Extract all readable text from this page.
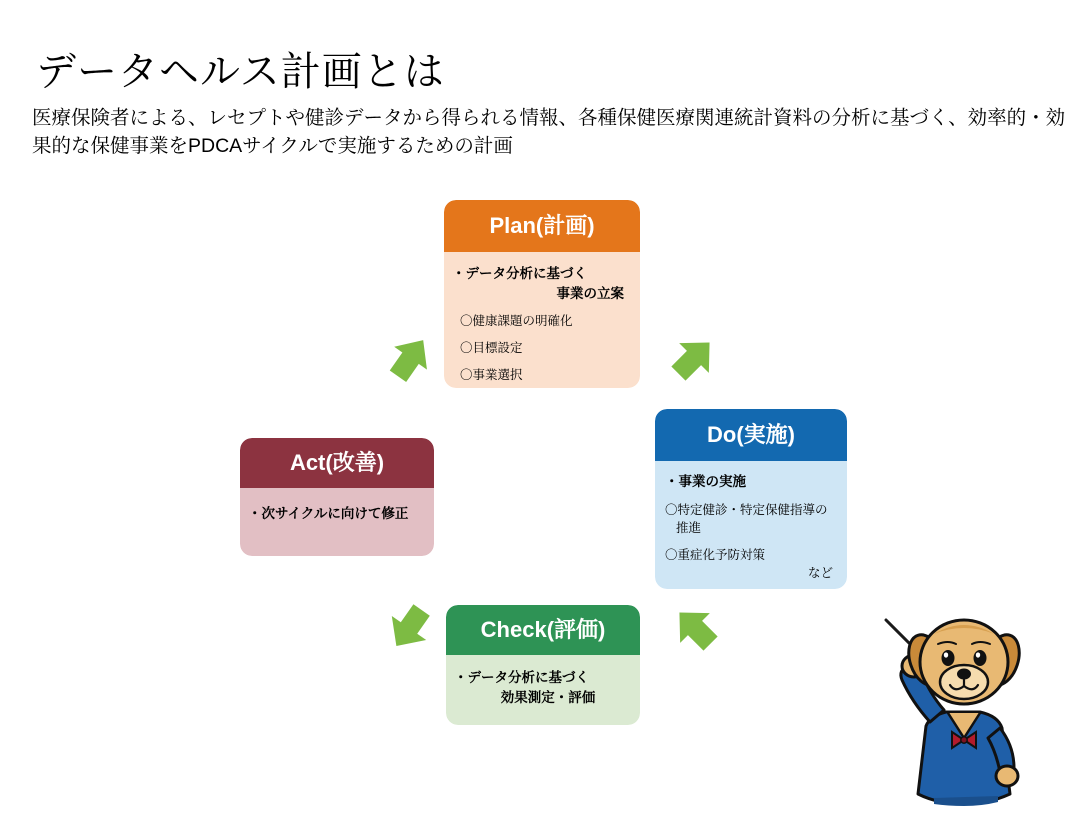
データヘルス計画とは
医療保険者による、レセプトや健診データから得られる情報、各種保健医療関連統計資料の分析に基づく、効率的・効果的な保健事業をPDCAサイクルで実施するための計画
Plan(計画)
・データ分析に基づく
事業の立案
〇健康課題の明確化
〇目標設定
〇事業選択
Do(実施)
・事業の実施
〇特定健診・特定保健指導の
推進
〇重症化予防対策
など
Act(改善)
・次サイクルに向けて修正
Check(評価)
・データ分析に基づく
効果測定・評価
